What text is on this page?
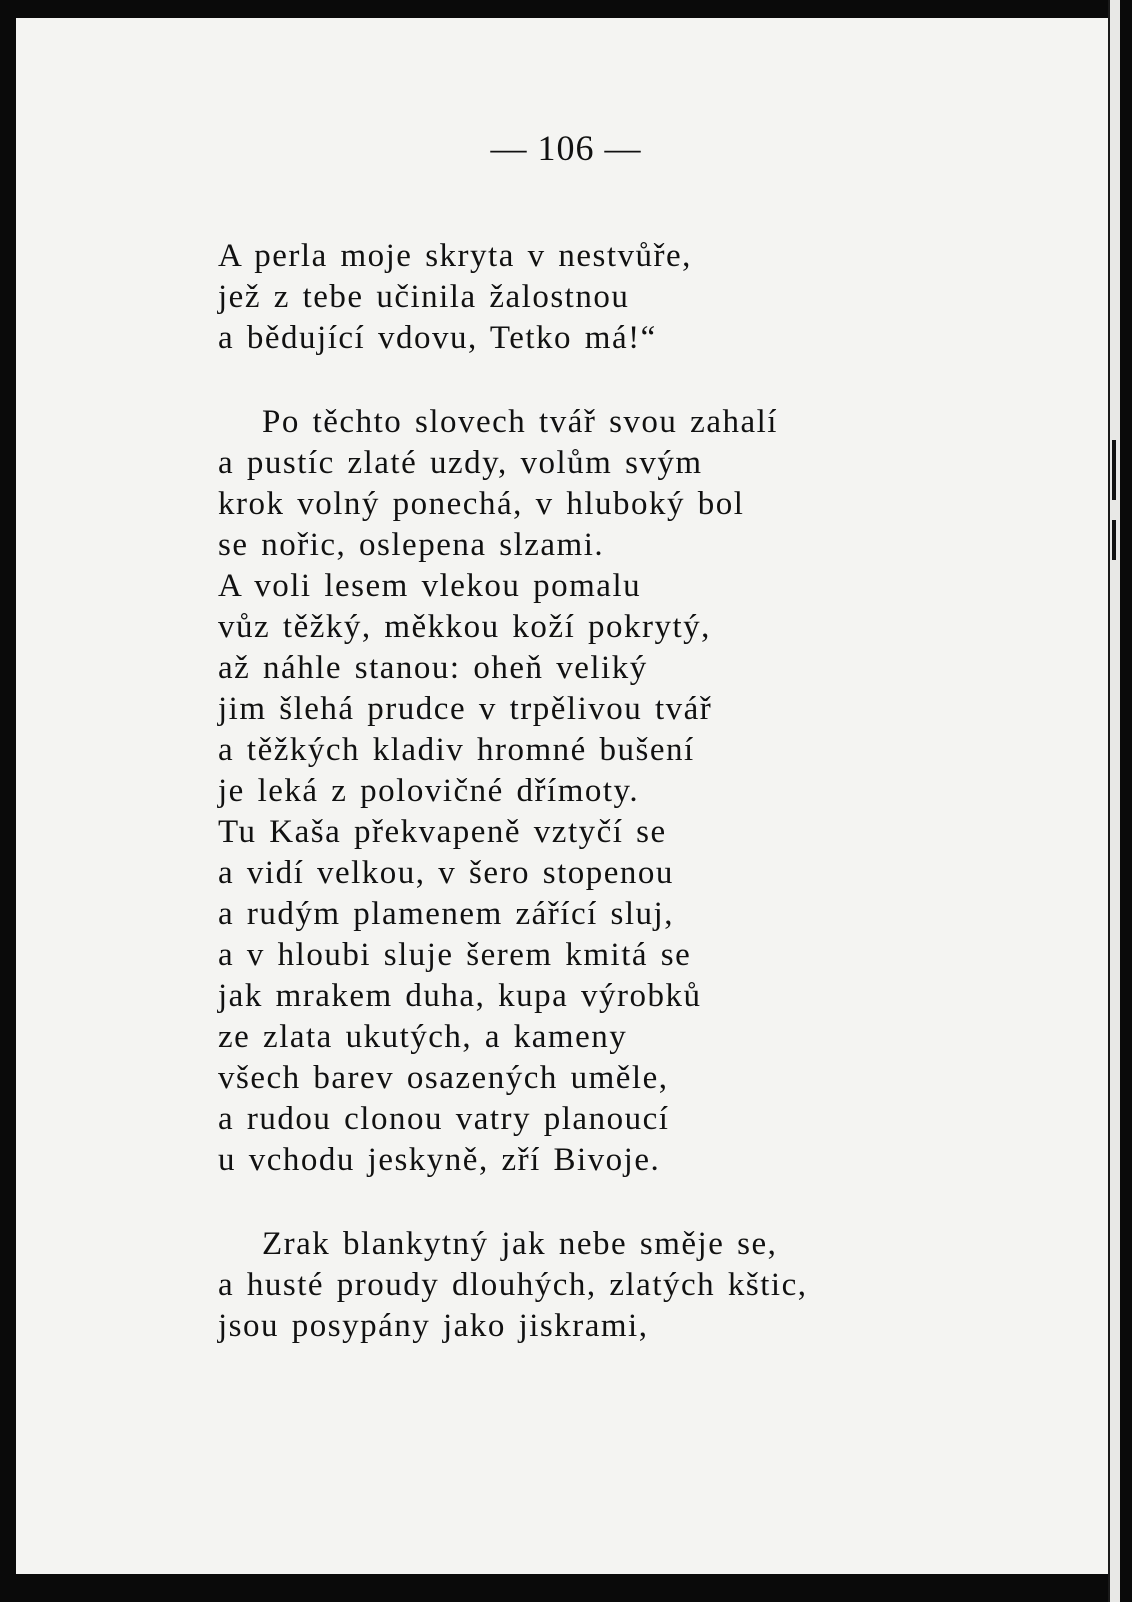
— 106 —
A perla moje skryta v nestvůře,
jež z tebe učinila žalostnou
a bědující vdovu, Tetko má!“
Po těchto slovech tvář svou zahalí
a pustíc zlaté uzdy, volům svým
krok volný ponechá, v hluboký bol
se nořic, oslepena slzami.
A voli lesem vlekou pomalu
vůz těžký, měkkou koží pokrytý,
až náhle stanou: oheň veliký
jim šlehá prudce v trpělivou tvář
a těžkých kladiv hromné bušení
je leká z polovičné dřímoty.
Tu Kaša překvapeně vztyčí se
a vidí velkou, v šero stopenou
a rudým plamenem zářící sluj,
a v hloubi sluje šerem kmitá se
jak mrakem duha, kupa výrobků
ze zlata ukutých, a kameny
všech barev osazených uměle,
a rudou clonou vatry planoucí
u vchodu jeskyně, zří Bivoje.
Zrak blankytný jak nebe směje se,
a husté proudy dlouhých, zlatých kštic,
jsou posypány jako jiskrami,
